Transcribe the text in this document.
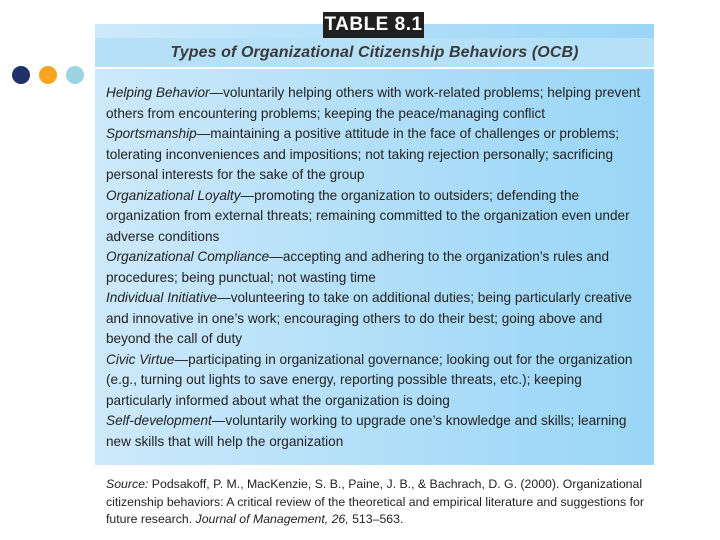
Types of Organizational Citizenship Behaviors (OCB)
Helping Behavior—voluntarily helping others with work-related problems; helping prevent others from encountering problems; keeping the peace/managing conflict
Sportsmanship—maintaining a positive attitude in the face of challenges or problems; tolerating inconveniences and impositions; not taking rejection personally; sacrificing personal interests for the sake of the group
Organizational Loyalty—promoting the organization to outsiders; defending the organization from external threats; remaining committed to the organization even under adverse conditions
Organizational Compliance—accepting and adhering to the organization’s rules and procedures; being punctual; not wasting time
Individual Initiative—volunteering to take on additional duties; being particularly creative and innovative in one’s work; encouraging others to do their best; going above and beyond the call of duty
Civic Virtue—participating in organizational governance; looking out for the organization (e.g., turning out lights to save energy, reporting possible threats, etc.); keeping particularly informed about what the organization is doing
Self-development—voluntarily working to upgrade one’s knowledge and skills; learning new skills that will help the organization
TABLE 8.1
Source: Podsakoff, P. M., MacKenzie, S. B., Paine, J. B., & Bachrach, D. G. (2000). Organizational citizenship behaviors: A critical review of the theoretical and empirical literature and suggestions for future research. Journal of Management, 26, 513–563.
